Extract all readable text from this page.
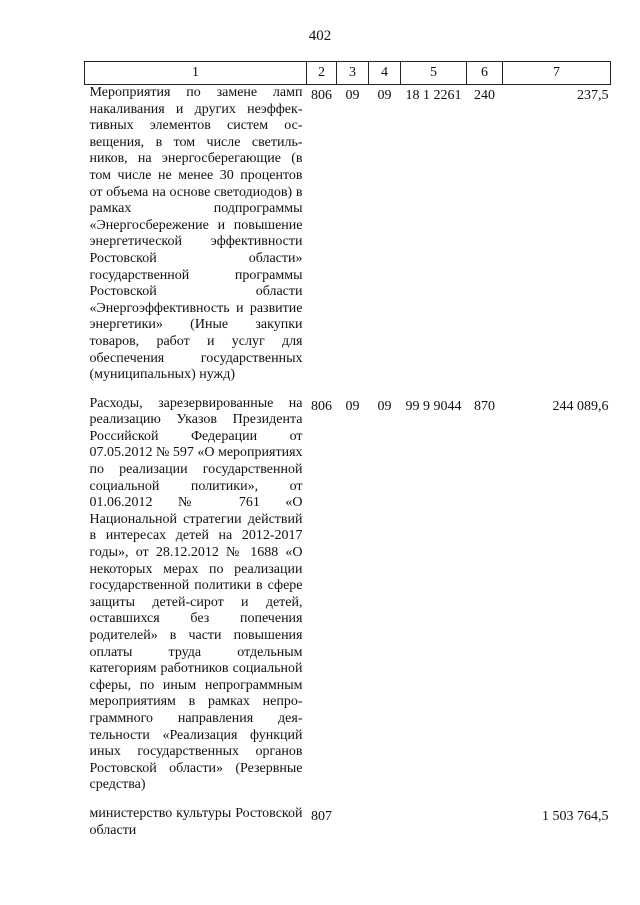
402
1	2	3	4	5	6	7
Мероприятия по замене ламп накаливания и других неэффективных элементов систем освещения, в том числе светильников, на энергосберегающие (в том числе не менее 30 процентов от объема на основе светодиодов) в рамках подпрограммы «Энергосбережение и повышение энергетической эффективности Ростовской области» государственной программы Ростовской области «Энергоэффективность и развитие энергетики» (Иные закупки товаров, работ и услуг для обеспечения государственных (муниципальных) нужд)	806	09	09	18 1 2261	240	237,5

Расходы, зарезервированные на реализацию Указов Президента Российской Федерации от 07.05.2012 № 597 «О мероприятиях по реализации государственной социальной политики», от 01.06.2012 № 761 «О Национальной стратегии действий в интересах детей на 2012-2017 годы», от 28.12.2012 № 1688 «О некоторых мерах по реализации государственной политики в сфере защиты детей-сирот и детей, оставшихся без попечения родителей» в части повышения оплаты труда отдельным категориям работников социальной сферы, по иным непрограммным мероприятиям в рамках непрограммного направления деятельности «Реализация функций иных государственных органов Ростовской области» (Резервные средства)	806	09	09	99 9 9044	870	244 089,6

министерство культуры Ростовской области	807					1 503 764,5
